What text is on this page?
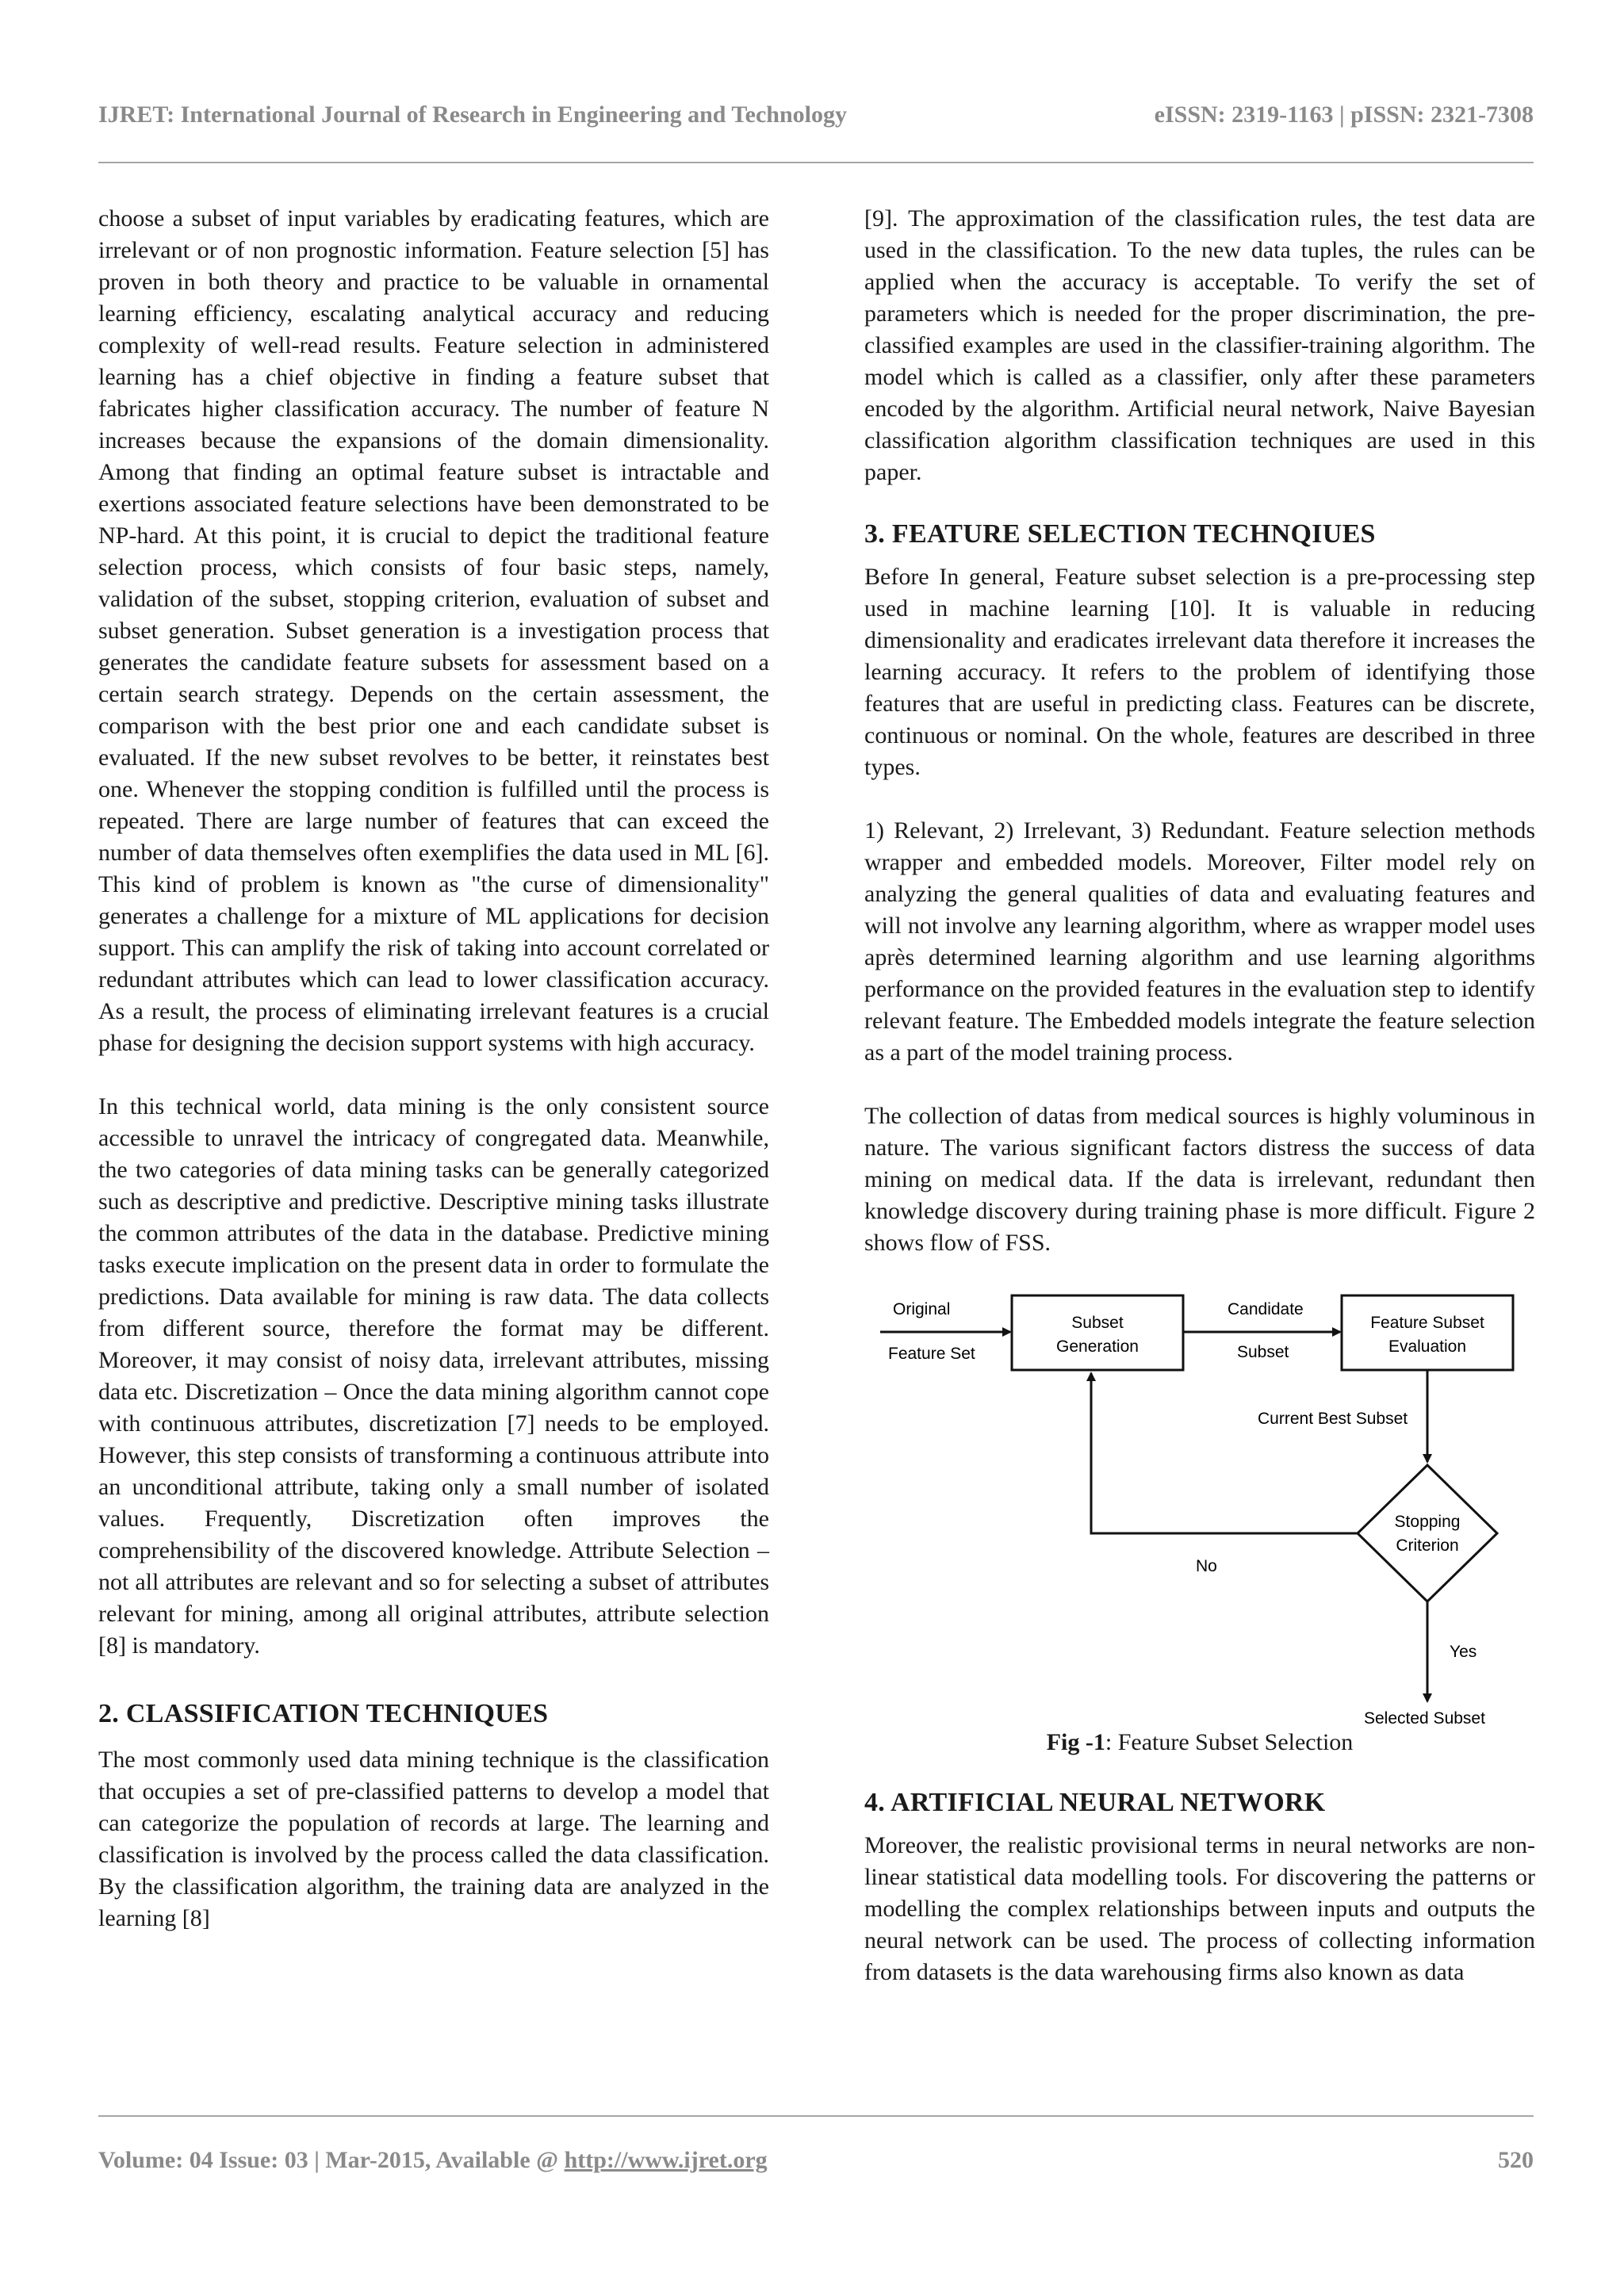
IJRET: International Journal of Research in Engineering and Technology	eISSN: 2319-1163 | pISSN: 2321-7308

choose a subset of input variables by eradicating features, which are irrelevant or of non prognostic information. Feature selection [5] has proven in both theory and practice to be valuable in ornamental learning efficiency, escalating analytical accuracy and reducing complexity of well-read results. Feature selection in administered learning has a chief objective in finding a feature subset that fabricates higher classification accuracy. The number of feature N increases because the expansions of the domain dimensionality. Among that finding an optimal feature subset is intractable and exertions associated feature selections have been demonstrated to be NP-hard. At this point, it is crucial to depict the traditional feature selection process, which consists of four basic steps, namely, validation of the subset, stopping criterion, evaluation of subset and subset generation. Subset generation is a investigation process that generates the candidate feature subsets for assessment based on a certain search strategy. Depends on the certain assessment, the comparison with the best prior one and each candidate subset is evaluated. If the new subset revolves to be better, it reinstates best one. Whenever the stopping condition is fulfilled until the process is repeated. There are large number of features that can exceed the number of data themselves often exemplifies the data used in ML [6]. This kind of problem is known as "the curse of dimensionality" generates a challenge for a mixture of ML applications for decision support. This can amplify the risk of taking into account correlated or redundant attributes which can lead to lower classification accuracy. As a result, the process of eliminating irrelevant features is a crucial phase for designing the decision support systems with high accuracy.

In this technical world, data mining is the only consistent source accessible to unravel the intricacy of congregated data. Meanwhile, the two categories of data mining tasks can be generally categorized such as descriptive and predictive. Descriptive mining tasks illustrate the common attributes of the data in the database. Predictive mining tasks execute implication on the present data in order to formulate the predictions. Data available for mining is raw data. The data collects from different source, therefore the format may be different. Moreover, it may consist of noisy data, irrelevant attributes, missing data etc. Discretization – Once the data mining algorithm cannot cope with continuous attributes, discretization [7] needs to be employed. However, this step consists of transforming a continuous attribute into an unconditional attribute, taking only a small number of isolated values. Frequently, Discretization often improves the comprehensibility of the discovered knowledge. Attribute Selection – not all attributes are relevant and so for selecting a subset of attributes relevant for mining, among all original attributes, attribute selection [8] is mandatory.

2. CLASSIFICATION TECHNIQUES

The most commonly used data mining technique is the classification that occupies a set of pre-classified patterns to develop a model that can categorize the population of records at large. The learning and classification is involved by the process called the data classification. By the classification algorithm, the training data are analyzed in the learning [8]

[9]. The approximation of the classification rules, the test data are used in the classification. To the new data tuples, the rules can be applied when the accuracy is acceptable. To verify the set of parameters which is needed for the proper discrimination, the pre-classified examples are used in the classifier-training algorithm. The model which is called as a classifier, only after these parameters encoded by the algorithm. Artificial neural network, Naive Bayesian classification algorithm classification techniques are used in this paper.

3. FEATURE SELECTION TECHNQIUES

Before In general, Feature subset selection is a pre-processing step used in machine learning [10]. It is valuable in reducing dimensionality and eradicates irrelevant data therefore it increases the learning accuracy. It refers to the problem of identifying those features that are useful in predicting class. Features can be discrete, continuous or nominal. On the whole, features are described in three types.

1) Relevant, 2) Irrelevant, 3) Redundant. Feature selection methods wrapper and embedded models. Moreover, Filter model rely on analyzing the general qualities of data and evaluating features and will not involve any learning algorithm, where as wrapper model uses après determined learning algorithm and use learning algorithms performance on the provided features in the evaluation step to identify relevant feature. The Embedded models integrate the feature selection as a part of the model training process.

The collection of datas from medical sources is highly voluminous in nature. The various significant factors distress the success of data mining on medical data. If the data is irrelevant, redundant then knowledge discovery during training phase is more difficult. Figure 2 shows flow of FSS.

Subset
Generation
Feature Subset
Evaluation
Original
Feature Set
Candidate
Subset
Current Best Subset
Stopping
Criterion
No
Yes
Selected Subset
Fig -1: Feature Subset Selection
4. ARTIFICIAL NEURAL NETWORK

Moreover, the realistic provisional terms in neural networks are non-linear statistical data modelling tools. For discovering the patterns or modelling the complex relationships between inputs and outputs the neural network can be used. The process of collecting information from datasets is the data warehousing firms also known as data

Volume: 04 Issue: 03 | Mar-2015, Available @ http://www.ijret.org	520
